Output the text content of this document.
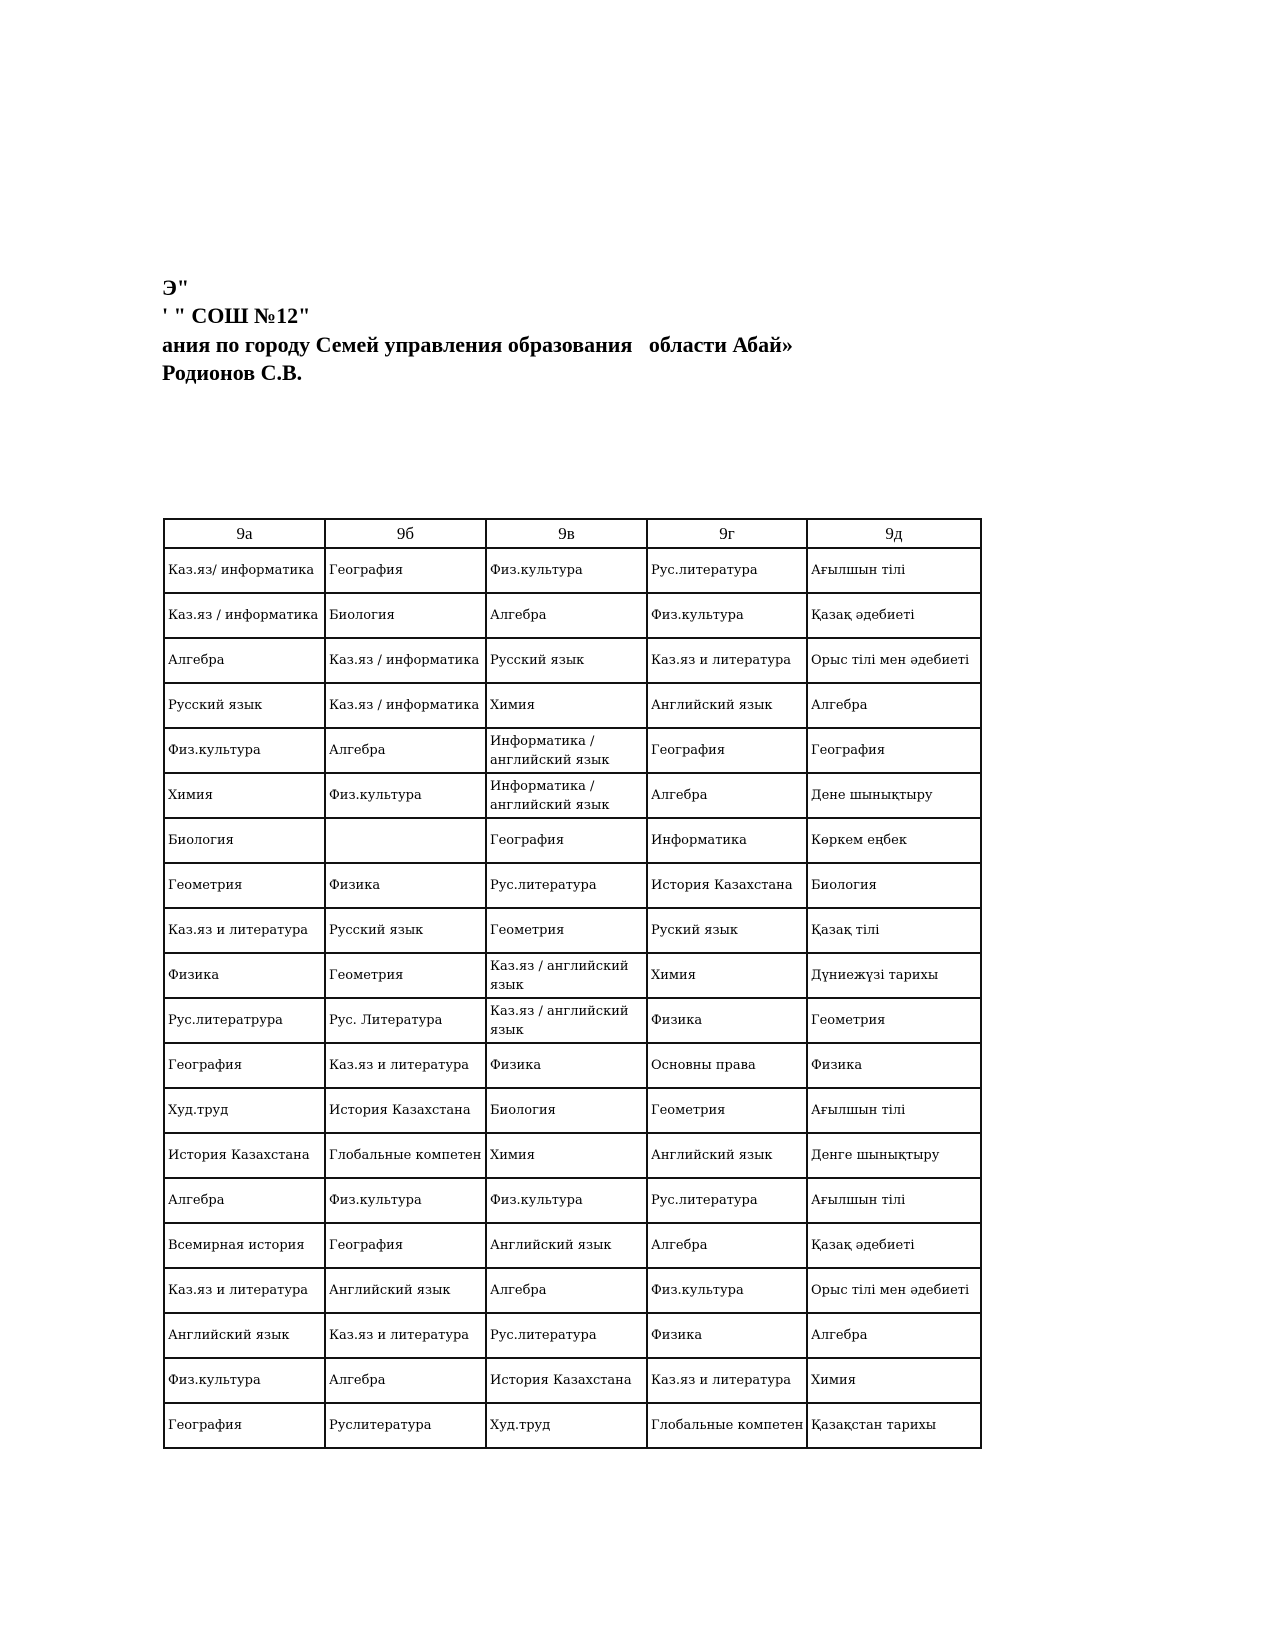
Э"
' " СОШ №12"
ания по городу Семей управления образования   области Абай»
Родионов С.В.
9а	9б	9в	9г	9д
Каз.яз/ информатика	География	Физ.культура	Рус.литература	Ағылшын тілі
Каз.яз / информатика	Биология	Алгебра	Физ.культура	Қазақ әдебиеті
Алгебра	Каз.яз / информатика	Русский язык	Каз.яз и литература	Орыс тілі мен әдебиеті
Русский язык	Каз.яз / информатика	Химия	Английский язык	Алгебра
Физ.культура	Алгебра	Информатика / английский язык	География	География
Химия	Физ.культура	Информатика / английский язык	Алгебра	Дене шынықтыру
Биология		География	Информатика	Көркем еңбек
Геометрия	Физика	Рус.литература	История Казахстана	Биология
Каз.яз и литература	Русский язык	Геометрия	Руский язык	Қазақ тілі
Физика	Геометрия	Каз.яз / английский язык	Химия	Дүниежүзі тарихы
Рус.литератрура	Рус. Литература	Каз.яз / английский язык	Физика	Геометрия
География	Каз.яз и литература	Физика	Основны права	Физика
Худ.труд	История Казахстана	Биология	Геометрия	Ағылшын тілі
История Казахстана	Глобальные компетен	Химия	Английский язык	Денге шынықтыру
Алгебра	Физ.культура	Физ.культура	Рус.литература	Ағылшын тілі
Всемирная история	География	Английский язык	Алгебра	Қазақ әдебиеті
Каз.яз и литература	Английский язык	Алгебра	Физ.культура	Орыс тілі мен әдебиеті
Английский язык	Каз.яз и литература	Рус.литература	Физика	Алгебра
Физ.культура	Алгебра	История Казахстана	Каз.яз и литература	Химия
География	Руслитература	Худ.труд	Глобальные компетен	Қазақстан тарихы
